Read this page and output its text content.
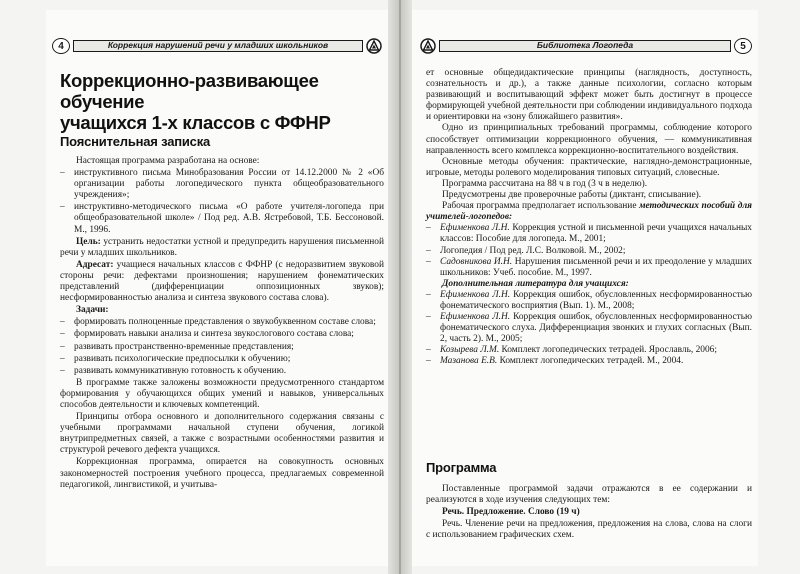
4	Коррекция нарушений речи у младших школьников
Коррекционно-развивающее обучение
учащихся 1-х классов с ФФНР
Пояснительная записка

Настоящая программа разработана на основе:

– инструктивного письма Минобразования России от 14.12.2000 № 2 «Об организации работы логопедического пункта общеобразовательного учреждения»;

– инструктивно-методического письма «О работе учителя-логопеда при общеобразовательной школе» / Под ред. А.В. Ястребовой, Т.Б. Бессоновой. М., 1996.

Цель: устранить недостатки устной и предупредить нарушения письменной речи у младших школьников.

Адресат: учащиеся начальных классов с ФФНР (с недоразвитием звуковой стороны речи: дефектами произношения; нарушением фонематических представлений (дифференциации оппозиционных звуков); несформированностью анализа и синтеза звукового состава слова).

Задачи:

– формировать полноценные представления о звукобуквенном составе слова;

– формировать навыки анализа и синтеза звукослогового состава слова;

– развивать пространственно-временные представления;

– развивать психологические предпосылки к обучению;

– развивать коммуникативную готовность к обучению.

В программе также заложены возможности предусмотренного стандартом формирования у обучающихся общих умений и навыков, универсальных способов деятельности и ключевых компетенций.

Принципы отбора основного и дополнительного содержания связаны с учебными программами начальной ступени обучения, логикой внутрипредметных связей, а также с возрастными особенностями развития и структурой речевого дефекта учащихся.

Коррекционная программа, опирается на совокупность основных закономерностей построения учебного процесса, предлагаемых современной педагогикой, лингвистикой, и учитыва-

Библиотека Логопеда	5

ет основные общедидактические принципы (наглядность, доступность, сознательность и др.), а также данные психологии, согласно которым развивающий и воспитывающий эффект может быть достигнут в процессе формирующей учебной деятельности при соблюдении индивидуального подхода и ориентировки на «зону ближайшего развития».

Одно из принципиальных требований программы, соблюдение которого способствует оптимизации коррекционного обучения, — коммуникативная направленность всего комплекса коррекционно-воспитательного воздействия.

Основные методы обучения: практические, наглядно-демонстрационные, игровые, методы ролевого моделирования типовых ситуаций, словесные.

Программа рассчитана на 88 ч в год (3 ч в неделю).

Предусмотрены две проверочные работы (диктант, списывание).

Рабочая программа предполагает использование методических пособий для учителей-логопедов:

– Ефименкова Л.Н. Коррекция устной и письменной речи учащихся начальных классов: Пособие для логопеда. М., 2001;

– Логопедия / Под ред. Л.С. Волковой. М., 2002;

– Садовникова И.Н. Нарушения письменной речи и их преодоление у младших школьников: Учеб. пособие. М., 1997.

Дополнительная литература для учащихся:

– Ефименкова Л.Н. Коррекция ошибок, обусловленных несформированностью фонематического восприятия (Вып. 1). М., 2008;

– Ефименкова Л.Н. Коррекция ошибок, обусловленных несформированностью фонематического слуха. Дифференциация звонких и глухих согласных (Вып. 2, часть 2). М., 2005;

– Козырева Л.М. Комплект логопедических тетрадей. Ярославль, 2006;

– Мазанова Е.В. Комплект логопедических тетрадей. М., 2004.

Программа

Поставленные программой задачи отражаются в ее содержании и реализуются в ходе изучения следующих тем:

Речь. Предложение. Слово (19 ч)

Речь. Членение речи на предложения, предложения на слова, слова на слоги с использованием графических схем.
